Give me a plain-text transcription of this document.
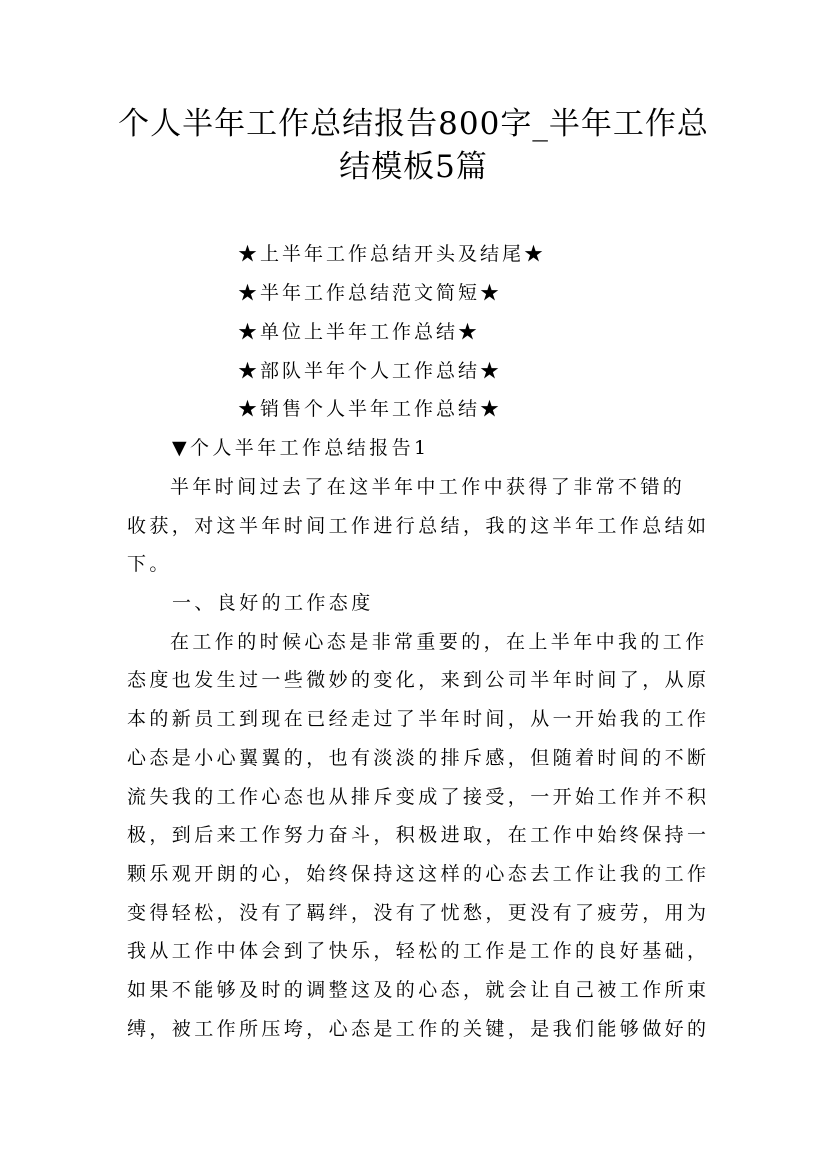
个人半年工作总结报告800字_半年工作总
结模板5篇
★上半年工作总结开头及结尾★
★半年工作总结范文简短★
★单位上半年工作总结★
★部队半年个人工作总结★
★销售个人半年工作总结★
▼个人半年工作总结报告1
半年时间过去了在这半年中工作中获得了非常不错的
收获，对这半年时间工作进行总结，我的这半年工作总结如
下。
一、良好的工作态度
在工作的时候心态是非常重要的，在上半年中我的工作
态度也发生过一些微妙的变化，来到公司半年时间了，从原
本的新员工到现在已经走过了半年时间，从一开始我的工作
心态是小心翼翼的，也有淡淡的排斥感，但随着时间的不断
流失我的工作心态也从排斥变成了接受，一开始工作并不积
极，到后来工作努力奋斗，积极进取，在工作中始终保持一
颗乐观开朗的心，始终保持这这样的心态去工作让我的工作
变得轻松，没有了羁绊，没有了忧愁，更没有了疲劳，用为
我从工作中体会到了快乐，轻松的工作是工作的良好基础，
如果不能够及时的调整这及的心态，就会让自己被工作所束
缚，被工作所压垮，心态是工作的关键，是我们能够做好的
